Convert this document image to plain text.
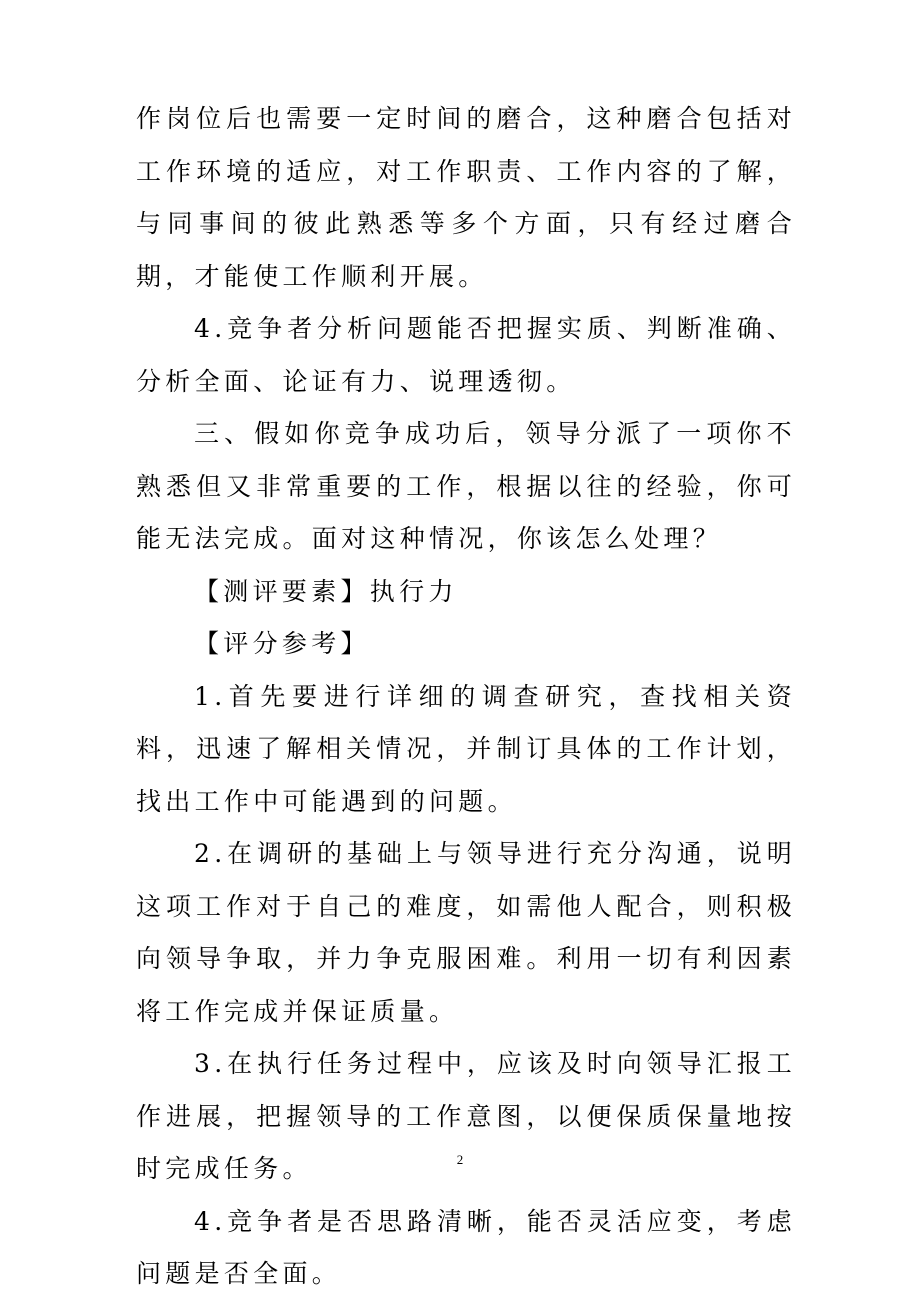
作岗位后也需要一定时间的磨合，这种磨合包括对工作环境的适应，对工作职责、工作内容的了解，与同事间的彼此熟悉等多个方面，只有经过磨合期，才能使工作顺利开展。

4.竞争者分析问题能否把握实质、判断准确、分析全面、论证有力、说理透彻。

三、假如你竞争成功后，领导分派了一项你不熟悉但又非常重要的工作，根据以往的经验，你可能无法完成。面对这种情况，你该怎么处理？

【测评要素】执行力

【评分参考】

1.首先要进行详细的调查研究，查找相关资料，迅速了解相关情况，并制订具体的工作计划，找出工作中可能遇到的问题。

2.在调研的基础上与领导进行充分沟通，说明这项工作对于自己的难度，如需他人配合，则积极向领导争取，并力争克服困难。利用一切有利因素将工作完成并保证质量。

3.在执行任务过程中，应该及时向领导汇报工作进展，把握领导的工作意图，以便保质保量地按时完成任务。

4.竞争者是否思路清晰，能否灵活应变，考虑问题是否全面。

2
